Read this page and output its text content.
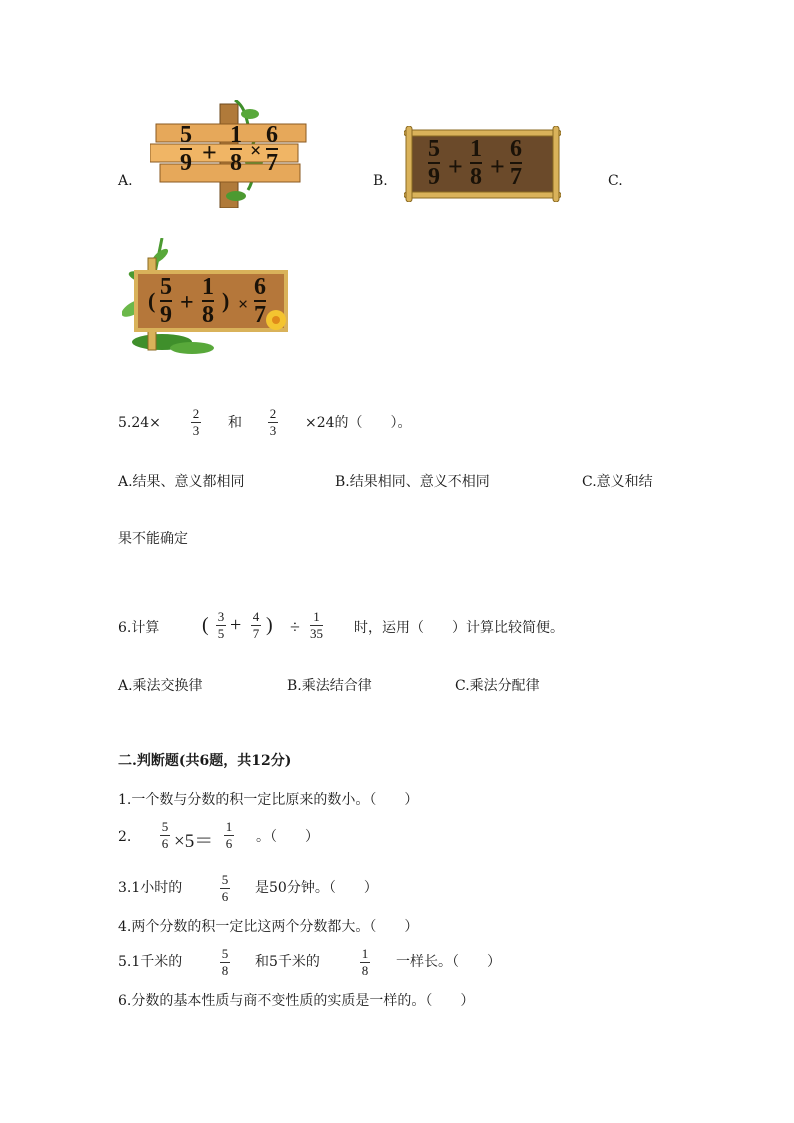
A.
5
9 +
1
8 ×
6
7
B.
5
9 +
1
8 +
6
7	C.
(
5
9 +
1
8
) ×
6
7
5.24×
2
3 和
2
3 ×24的（　　）。
A.结果、意义都相同	B.结果相同、意义不相同	C.意义和结
果不能确定
6.计算 ( 3
5 + 4
7 ) ÷
1
35 时，运用（　　）计算比较简便。
A.乘法交换律	B.乘法结合律	C.乘法分配律
二.判断题(共6题，共12分)
1.一个数与分数的积一定比原来的数小。（　　）
2.
5
6 ×5＝
1
6 。（　　）
3.1小时的
5
6
是50分钟。（　　）
4.两个分数的积一定比这两个分数都大。（　　）
5.1千米的
5
8
和5千米的
1
8
一样长。（　　）
6.分数的基本性质与商不变性质的实质是一样的。（　　）
